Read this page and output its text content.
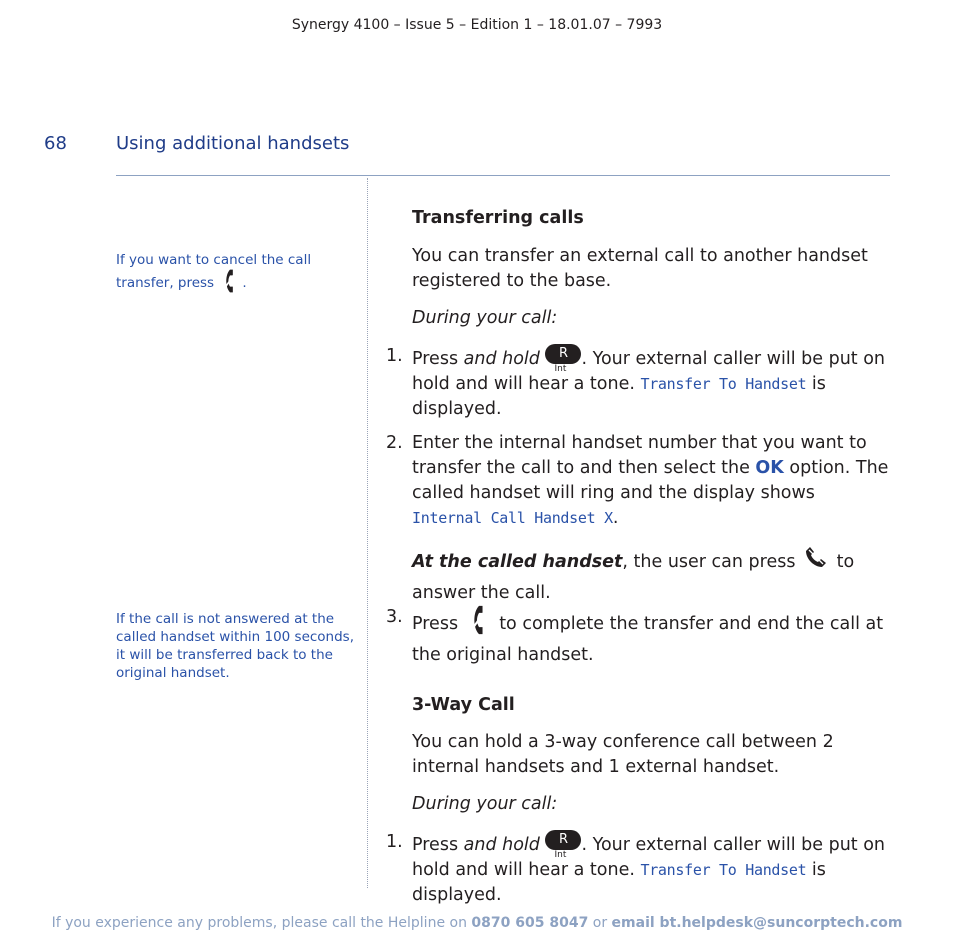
Synergy 4100 – Issue 5 – Edition 1 – 18.01.07 – 7993
68	Using additional handsets
If you want to cancel the call transfer, press .
If the call is not answered at the called handset within 100 seconds, it will be transferred back to the original handset.
Transferring calls
You can transfer an external call to another handset registered to the base.
During your call:
1. Press and hold	R
Int . Your external caller will be put on hold and will hear a tone. Transfer To Handset is displayed.
2. Enter the internal handset number that you want to transfer the call to and then select the OK option. The called handset will ring and the display shows Internal Call Handset X.
At the called handset, the user can press  to answer the call.
3. Press  to complete the transfer and end the call at the original handset.
3-Way Call
You can hold a 3-way conference call between 2 internal handsets and 1 external handset.
During your call:
1. Press and hold	R
Int . Your external caller will be put on hold and will hear a tone. Transfer To Handset is displayed.
If you experience any problems, please call the Helpline on 0870 605 8047 or email bt.helpdesk@suncorptech.com
